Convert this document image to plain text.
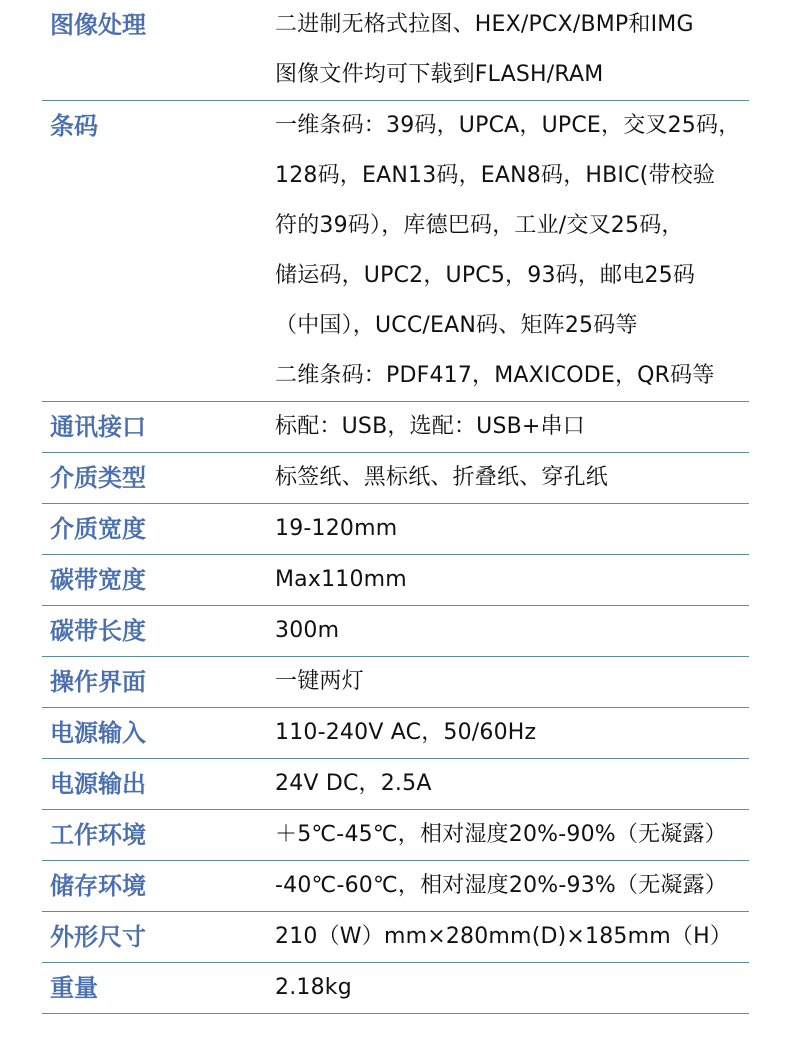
图像处理	二进制无格式拉图、HEX/PCX/BMP和IMG
图像文件均可下载到FLASH/RAM
条码	一维条码：39码，UPCA，UPCE，交叉25码，
128码，EAN13码，EAN8码，HBIC(带校验
符的39码），库德巴码，工业/交叉25码，
储运码，UPC2，UPC5，93码，邮电25码
（中国），UCC/EAN码、矩阵25码等
二维条码：PDF417，MAXICODE，QR码等
通讯接口	标配：USB，选配：USB+串口
介质类型	标签纸、黑标纸、折叠纸、穿孔纸
介质宽度	19-120mm
碳带宽度	Max110mm
碳带长度	300m
操作界面	一键两灯
电源输入	110-240V AC，50/60Hz
电源输出	24V DC，2.5A
工作环境	＋5℃-45℃，相对湿度20%-90%（无凝露）
储存环境	-40℃-60℃，相对湿度20%-93%（无凝露）
外形尺寸	210（W）mm×280mm(D)×185mm（H）
重量	2.18kg
